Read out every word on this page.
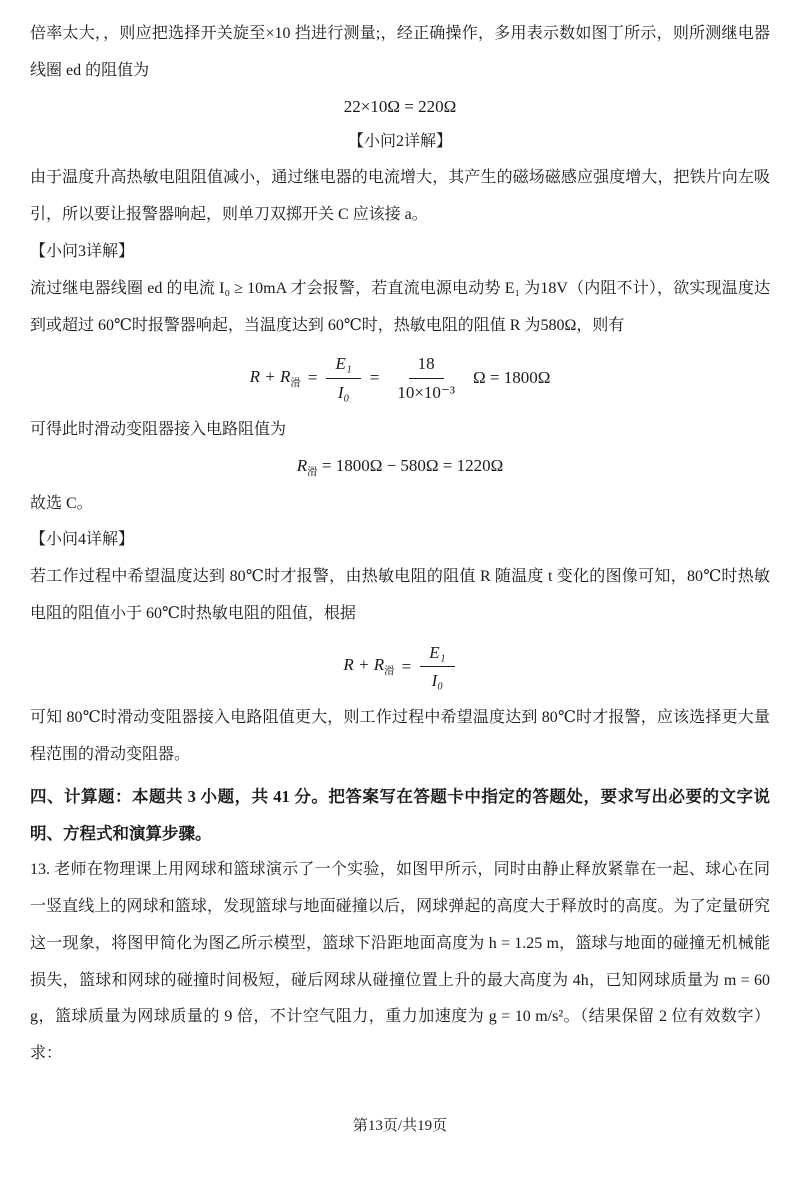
倍率太大，，则应把选择开关旋至×10 挡进行测量;，经正确操作，多用表示数如图丁所示，则所测继电器线圈 ed 的阻值为

22×10Ω = 220Ω

【小问2详解】

由于温度升高热敏电阻阻值减小，通过继电器的电流增大，其产生的磁场磁感应强度增大，把铁片向左吸引，所以要让报警器响起，则单刀双掷开关 C 应该接 a。

【小问3详解】

流过继电器线圈 ed 的电流 I₀ ≥ 10mA 才会报警，若直流电源电动势 E₁ 为18V（内阻不计），欲实现温度达到或超过 60℃时报警器响起，当温度达到 60℃时，热敏电阻的阻值 R 为580Ω，则有

$R + R_滑 = \frac{\text{E₁}}{\text{I₀}} = \frac{18}{\text{10×10⁻³}}$ Ω = 1800Ω

可得此时滑动变阻器接入电路阻值为

$R_滑 = 1800\Omega - 580\Omega = 1220\Omega$

故选 C。

【小问4详解】

若工作过程中希望温度达到 80℃时才报警，由热敏电阻的阻值 R 随温度 t 变化的图像可知，80℃时热敏电阻的阻值小于 60℃时热敏电阻的阻值，根据

$R + R_滑 = \frac{\text{E₁}}{\text{I₀}}$

可知 80℃时滑动变阻器接入电路阻值更大，则工作过程中希望温度达到 80℃时才报警，应该选择更大量程范围的滑动变阻器。

四、计算题：本题共 3 小题，共 41 分。把答案写在答题卡中指定的答题处，要求写出必要的文字说明、方程式和演算步骤。

13. 老师在物理课上用网球和篮球演示了一个实验，如图甲所示，同时由静止释放紧靠在一起、球心在同一竖直线上的网球和篮球，发现篮球与地面碰撞以后，网球弹起的高度大于释放时的高度。为了定量研究这一现象，将图甲简化为图乙所示模型，篮球下沿距地面高度为 h = 1.25 m，篮球与地面的碰撞无机械能损失，篮球和网球的碰撞时间极短，碰后网球从碰撞位置上升的最大高度为 4h，已知网球质量为 m = 60 g，篮球质量为网球质量的 9 倍，不计空气阻力，重力加速度为 g = 10 m/s²。（结果保留 2 位有效数字）求：

第13页/共19页
